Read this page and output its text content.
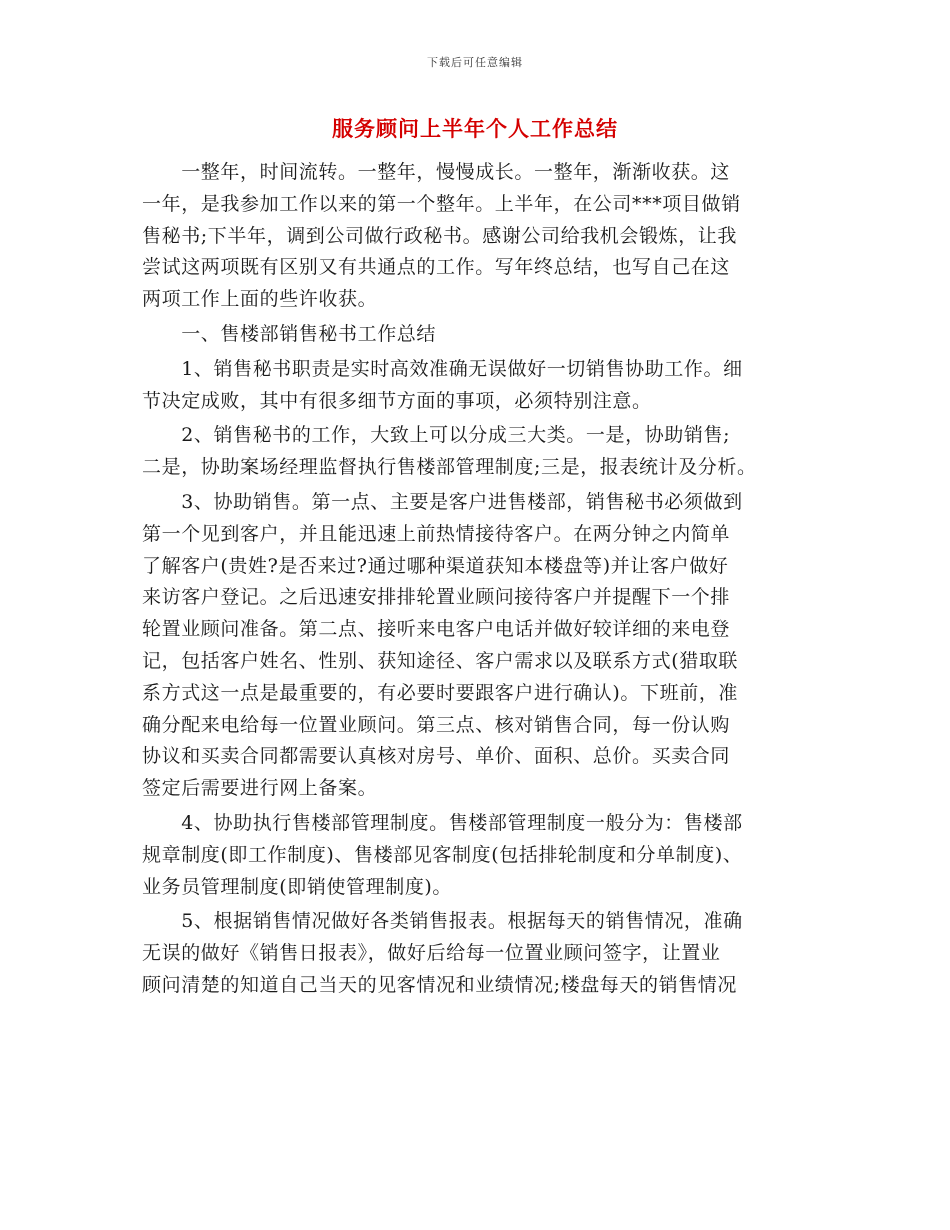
下载后可任意编辑
服务顾问上半年个人工作总结

　　一整年，时间流转。一整年，慢慢成长。一整年，渐渐收获。这
一年，是我参加工作以来的第一个整年。上半年，在公司***项目做销
售秘书;下半年，调到公司做行政秘书。感谢公司给我机会锻炼，让我
尝试这两项既有区别又有共通点的工作。写年终总结，也写自己在这
两项工作上面的些许收获。

　　一、售楼部销售秘书工作总结

　　1、销售秘书职责是实时高效准确无误做好一切销售协助工作。细
节决定成败，其中有很多细节方面的事项，必须特别注意。

　　2、销售秘书的工作，大致上可以分成三大类。一是，协助销售;
二是，协助案场经理监督执行售楼部管理制度;三是，报表统计及分析。

　　3、协助销售。第一点、主要是客户进售楼部，销售秘书必须做到
第一个见到客户，并且能迅速上前热情接待客户。在两分钟之内简单
了解客户(贵姓?是否来过?通过哪种渠道获知本楼盘等)并让客户做好
来访客户登记。之后迅速安排排轮置业顾问接待客户并提醒下一个排
轮置业顾问准备。第二点、接听来电客户电话并做好较详细的来电登
记，包括客户姓名、性别、获知途径、客户需求以及联系方式(猎取联
系方式这一点是最重要的，有必要时要跟客户进行确认)。下班前，准
确分配来电给每一位置业顾问。第三点、核对销售合同，每一份认购
协议和买卖合同都需要认真核对房号、单价、面积、总价。买卖合同
签定后需要进行网上备案。

　　4、协助执行售楼部管理制度。售楼部管理制度一般分为：售楼部
规章制度(即工作制度)、售楼部见客制度(包括排轮制度和分单制度)、
业务员管理制度(即销使管理制度)。

　　5、根据销售情况做好各类销售报表。根据每天的销售情况，准确
无误的做好《销售日报表》，做好后给每一位置业顾问签字，让置业
顾问清楚的知道自己当天的见客情况和业绩情况;楼盘每天的销售情况
